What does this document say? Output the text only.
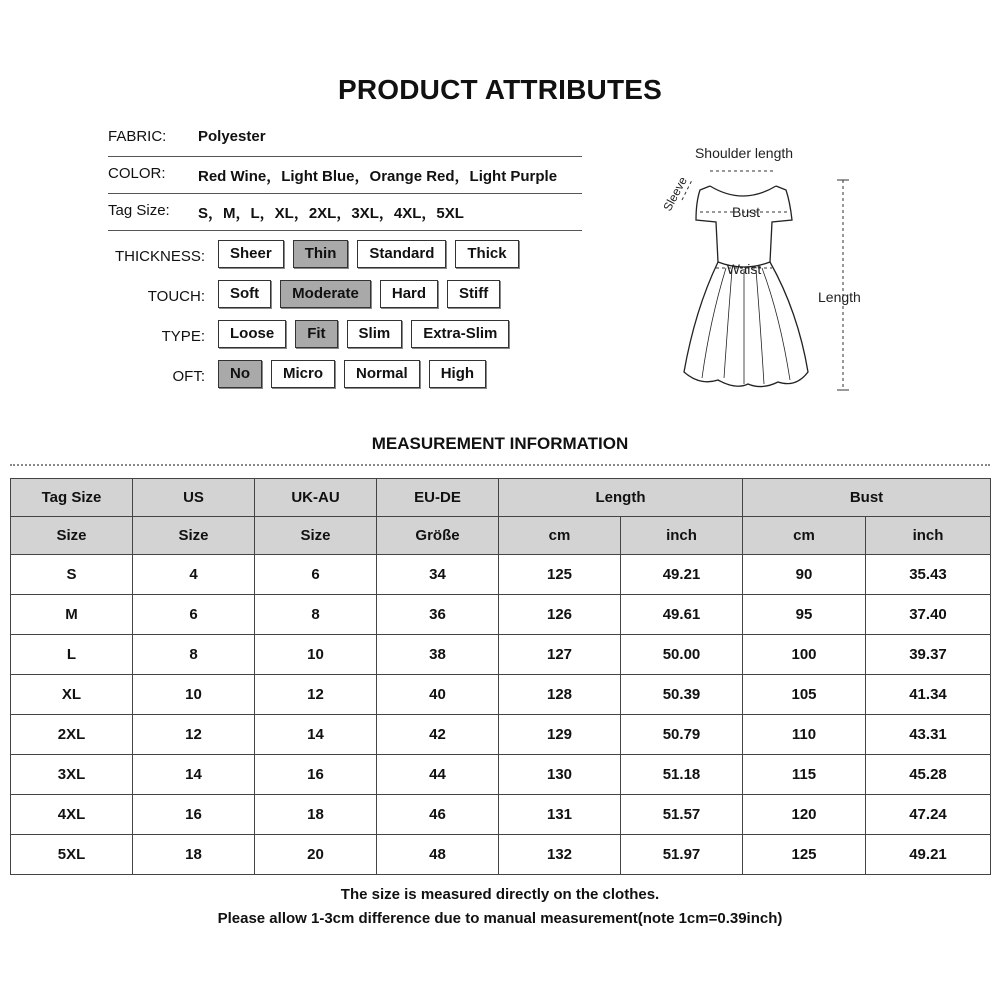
PRODUCT ATTRIBUTES
FABRIC: Polyester
COLOR: Red Wine，Light Blue，Orange Red，Light Purple
Tag Size: S，M，L，XL，2XL，3XL，4XL，5XL
THICKNESS:	Sheer	Thin	Standard	Thick
TOUCH:	Soft	Moderate	Hard	Stiff
TYPE:	Loose	Fit	Slim	Extra-Slim
OFT:	No	Micro	Normal	High
Shoulder length
Sleeve	Bust
Waist
Length
MEASUREMENT INFORMATION
Tag Size	US	UK-AU	EU-DE	Length		Bust	
Size	Size	Size	Größe	cm	inch	cm	inch
S	4	6	34	125	49.21	90	35.43
M	6	8	36	126	49.61	95	37.40
L	8	10	38	127	50.00	100	39.37
XL	10	12	40	128	50.39	105	41.34
2XL	12	14	42	129	50.79	110	43.31
3XL	14	16	44	130	51.18	115	45.28
4XL	16	18	46	131	51.57	120	47.24
5XL	18	20	48	132	51.97	125	49.21
The size is measured directly on the clothes.
Please allow 1-3cm difference due to manual measurement(note 1cm=0.39inch)
